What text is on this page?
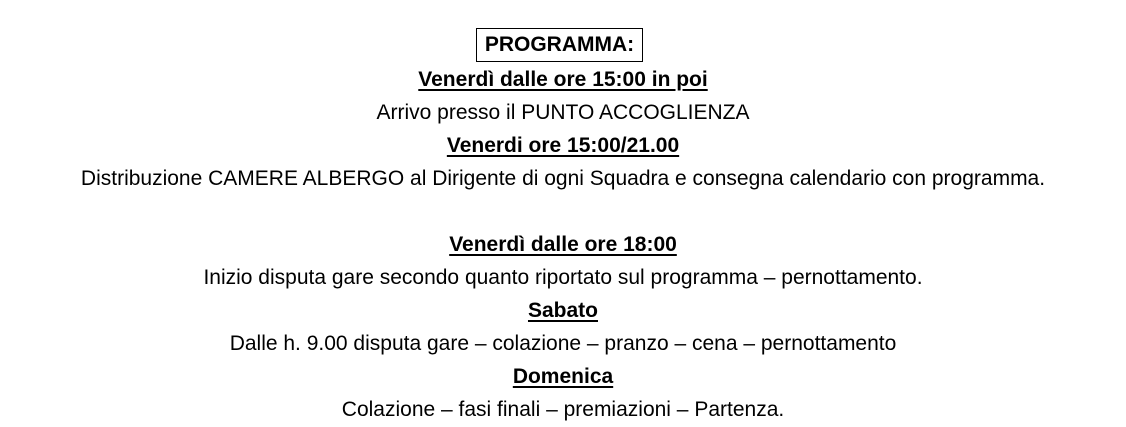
PROGRAMMA:
Venerdì dalle ore 15:00 in poi
Arrivo presso il PUNTO ACCOGLIENZA
Venerdi ore 15:00/21.00
Distribuzione CAMERE ALBERGO al Dirigente di ogni Squadra e consegna calendario con programma.
Venerdì dalle ore 18:00
Inizio disputa gare secondo quanto riportato sul programma – pernottamento.
Sabato
Dalle h. 9.00 disputa gare – colazione – pranzo – cena – pernottamento
Domenica
Colazione – fasi finali – premiazioni – Partenza.
